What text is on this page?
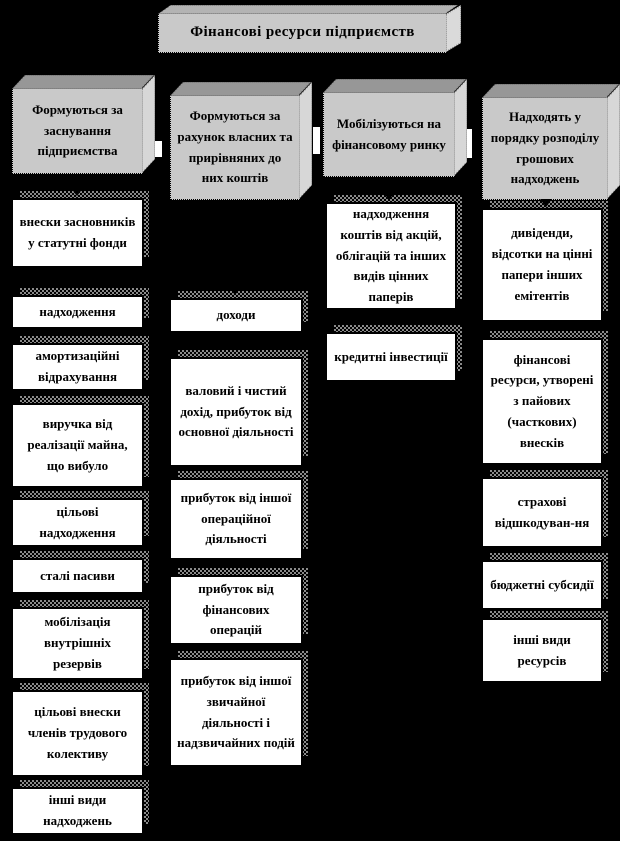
Фінансові ресурси підприємств
Формуються за заснування підприємства
Формуються за рахунок власних та прирівняних до них коштів
Мобілізуються на фінансовому ринку
Надходять у порядку розподілу грошових надходжень
внески засновників у статутні фонди
надходження
амортизаційні відрахування
виручка від реалізації майна, що вибуло
цільові надходження
сталі пасиви
мобілізація внутрішніх резервів
цільові внески членів трудового колективу
інші види надходжень
доходи
валовий і чистий дохід, прибуток від основної діяльності
прибуток від іншої операційної діяльності
прибуток від фінансових операцій
прибуток від іншої звичайної діяльності і надзвичайних подій
надходження коштів від акцій, облігацій та інших видів цінних паперів
кредитні інвестиції
дивіденди, відсотки на цінні папери інших емітентів
фінансові ресурси, утворені з пайових (часткових) внесків
страхові відшкодуван-ня
бюджетні субсидії
інші види ресурсів
